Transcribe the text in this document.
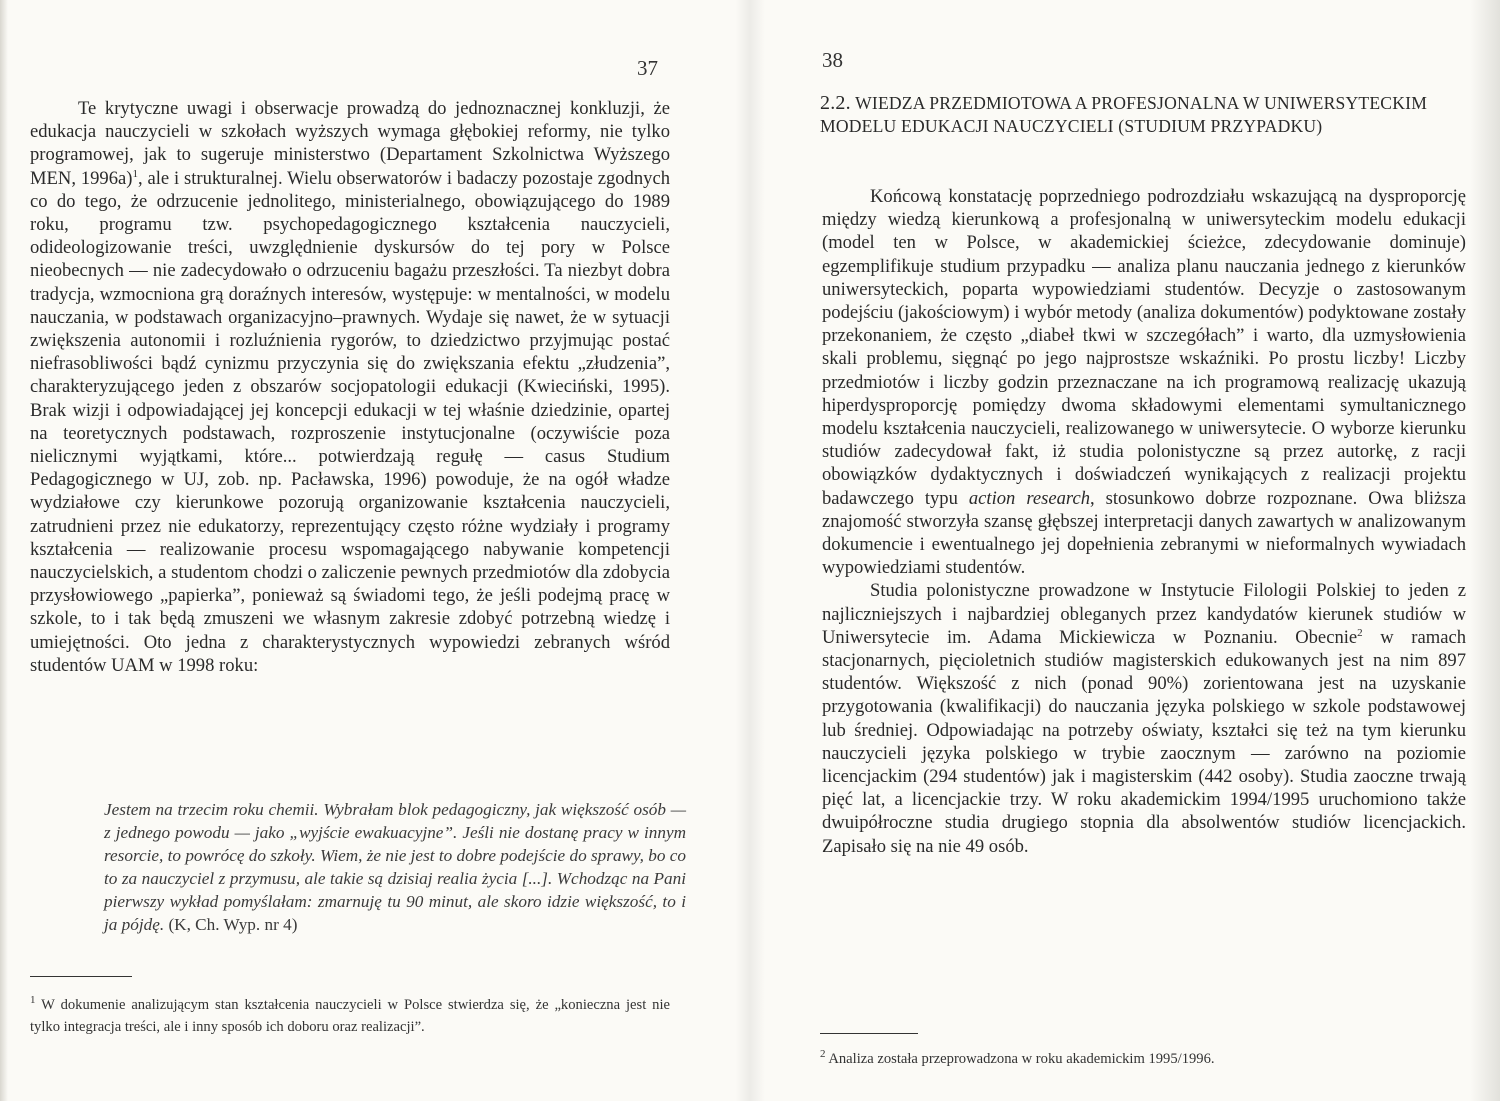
37

Te krytyczne uwagi i obserwacje prowadzą do jednoznacznej konkluzji, że edukacja nauczycieli w szkołach wyższych wymaga głębokiej reformy, nie tylko programowej, jak to sugeruje ministerstwo (Departament Szkolnictwa Wyższego MEN, 1996a)$^1$, ale i strukturalnej. Wielu obserwatorów i badaczy pozostaje zgodnych co do tego, że odrzucenie jednolitego, ministerialnego, obowiązującego do 1989 roku, programu tzw. psychopedagogicznego kształcenia nauczycieli, odideologizowanie treści, uwzględnienie dyskursów do tej pory w Polsce nieobecnych — nie zadecydowało o odrzuceniu bagażu przeszłości. Ta niezbyt dobra tradycja, wzmocniona grą doraźnych interesów, występuje: w mentalności, w modelu nauczania, w podstawach organizacyjno–prawnych. Wydaje się nawet, że w sytuacji zwiększenia autonomii i rozluźnienia rygorów, to dziedzictwo przyjmując postać niefrasobliwości bądź cynizmu przyczynia się do zwiększania efektu „złudzenia”, charakteryzującego jeden z obszarów socjopatologii edukacji (Kwieciński, 1995). Brak wizji i odpowiadającej jej koncepcji edukacji w tej właśnie dziedzinie, opartej na teoretycznych podstawach, rozproszenie instytucjonalne (oczywiście poza nielicznymi wyjątkami, które... potwierdzają regułę — casus Studium Pedagogicznego w UJ, zob. np. Pacławska, 1996) powoduje, że na ogół władze wydziałowe czy kierunkowe pozorują organizowanie kształcenia nauczycieli, zatrudnieni przez nie edukatorzy, reprezentujący często różne wydziały i programy kształcenia — realizowanie procesu wspomagającego nabywanie kompetencji nauczycielskich, a studentom chodzi o zaliczenie pewnych przedmiotów dla zdobycia przysłowiowego „papierka”, ponieważ są świadomi tego, że jeśli podejmą pracę w szkole, to i tak będą zmuszeni we własnym zakresie zdobyć potrzebną wiedzę i umiejętności. Oto jedna z charakterystycznych wypowiedzi zebranych wśród studentów UAM w 1998 roku:

Jestem na trzecim roku chemii. Wybrałam blok pedagogiczny, jak większość osób — z jednego powodu — jako „wyjście ewakuacyjne”. Jeśli nie dostanę pracy w innym resorcie, to powrócę do szkoły. Wiem, że nie jest to dobre podejście do sprawy, bo co to za nauczyciel z przymusu, ale takie są dzisiaj realia życia [...]. Wchodząc na Pani pierwszy wykład pomyślałam: zmarnuję tu 90 minut, ale skoro idzie większość, to i ja pójdę. (K, Ch. Wyp. nr 4)
$^1$ W dokumenie analizującym stan kształcenia nauczycieli w Polsce stwierdza się, że „konieczna jest nie tylko integracja treści, ale i inny sposób ich doboru oraz realizacji”.
38
2.2. WIEDZA PRZEDMIOTOWA A PROFESJONALNA W UNIWERSYTECKIM
MODELU EDUKACJI NAUCZYCIELI (STUDIUM PRZYPADKU)

Końcową konstatację poprzedniego podrozdziału wskazującą na dysproporcję między wiedzą kierunkową a profesjonalną w uniwersyteckim modelu edukacji (model ten w Polsce, w akademickiej ścieżce, zdecydowanie dominuje) egzemplifikuje studium przypadku — analiza planu nauczania jednego z kierunków uniwersyteckich, poparta wypowiedziami studentów. Decyzje o zastosowanym podejściu (jakościowym) i wybór metody (analiza dokumentów) podyktowane zostały przekonaniem, że często „diabeł tkwi w szczegółach” i warto, dla uzmysłowienia skali problemu, sięgnąć po jego najprostsze wskaźniki. Po prostu liczby! Liczby przedmiotów i liczby godzin przeznaczane na ich programową realizację ukazują hiperdysproporcję pomiędzy dwoma składowymi elementami symultanicznego modelu kształcenia nauczycieli, realizowanego w uniwersytecie. O wyborze kierunku studiów zadecydował fakt, iż studia polonistyczne są przez autorkę, z racji obowiązków dydaktycznych i doświadczeń wynikających z realizacji projektu badawczego typu action research, stosunkowo dobrze rozpoznane. Owa bliższa znajomość stworzyła szansę głębszej interpretacji danych zawartych w analizowanym dokumencie i ewentualnego jej dopełnienia zebranymi w nieformalnych wywiadach wypowiedziami studentów.

Studia polonistyczne prowadzone w Instytucie Filologii Polskiej to jeden z najliczniejszych i najbardziej obleganych przez kandydatów kierunek studiów w Uniwersytecie im. Adama Mickiewicza w Poznaniu. Obecnie$^2$ w ramach stacjonarnych, pięcioletnich studiów magisterskich edukowanych jest na nim 897 studentów. Większość z nich (ponad 90%) zorientowana jest na uzyskanie przygotowania (kwalifikacji) do nauczania języka polskiego w szkole podstawowej lub średniej. Odpowiadając na potrzeby oświaty, kształci się też na tym kierunku nauczycieli języka polskiego w trybie zaocznym — zarówno na poziomie licencjackim (294 studentów) jak i magisterskim (442 osoby). Studia zaoczne trwają pięć lat, a licencjackie trzy. W roku akademickim 1994/1995 uruchomiono także dwuipółroczne studia drugiego stopnia dla absolwentów studiów licencjackich. Zapisało się na nie 49 osób.

$^2$ Analiza została przeprowadzona w roku akademickim 1995/1996.
